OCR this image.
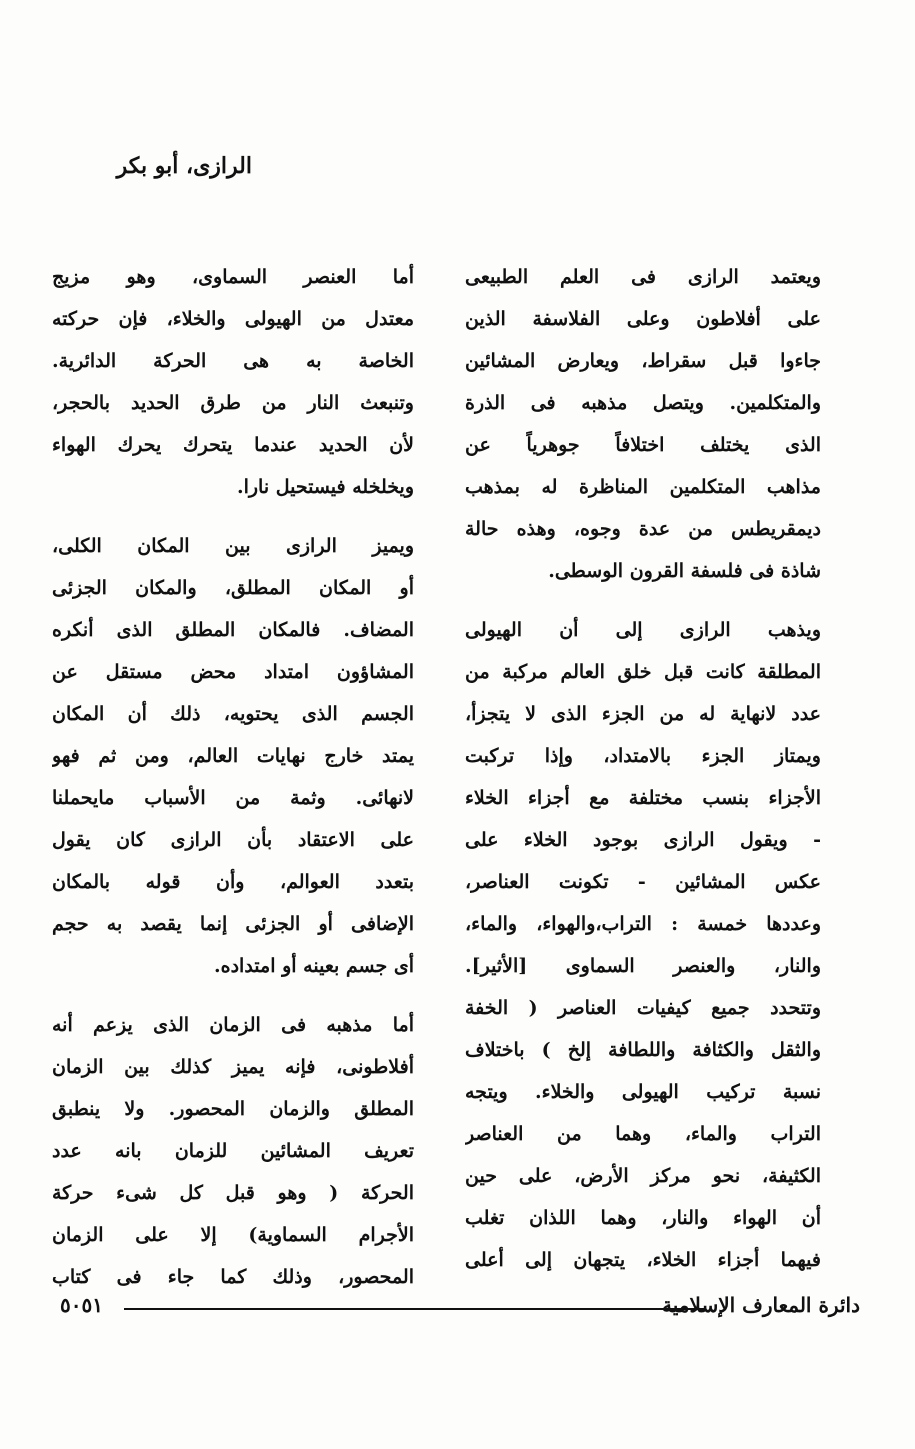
الرازى، أبو بكر
ويعتمد الرازى فى العلم الطبيعى
على أفلاطون وعلى الفلاسفة الذين
جاءوا قبل سقراط، ويعارض المشائين
والمتكلمين. ويتصل مذهبه فى الذرة
الذى يختلف اختلافاً جوهرياً عن
مذاهب المتكلمين المناظرة له بمذهب
ديمقريطس من عدة وجوه، وهذه حالة
شاذة فى فلسفة القرون الوسطى.
ويذهب الرازى إلى أن الهيولى
المطلقة كانت قبل خلق العالم مركبة من
عدد لانهاية له من الجزء الذى لا يتجزأ،
ويمتاز الجزء بالامتداد، وإذا تركبت
الأجزاء بنسب مختلفة مع أجزاء الخلاء
- ويقول الرازى بوجود الخلاء على
عكس المشائين - تكونت العناصر،
وعددها خمسة : التراب،والهواء، والماء،
والنار، والعنصر السماوى [الأثير].
وتتحدد جميع كيفيات العناصر ( الخفة
والثقل والكثافة واللطافة إلخ ) باختلاف
نسبة تركيب الهيولى والخلاء. ويتجه
التراب والماء، وهما من العناصر
الكثيفة، نحو مركز الأرض، على حين
أن الهواء والنار، وهما اللذان تغلب
فيهما أجزاء الخلاء، يتجهان إلى أعلى
أما العنصر السماوى، وهو مزيج
معتدل من الهيولى والخلاء، فإن حركته
الخاصة به هى الحركة الدائرية.
وتنبعث النار من طرق الحديد بالحجر،
لأن الحديد عندما يتحرك يحرك الهواء
ويخلخله فيستحيل نارا.
ويميز الرازى بين المكان الكلى،
أو المكان المطلق، والمكان الجزئى
المضاف. فالمكان المطلق الذى أنكره
المشاؤون امتداد محض مستقل عن
الجسم الذى يحتويه، ذلك أن المكان
يمتد خارج نهايات العالم، ومن ثم فهو
لانهائى. وثمة من الأسباب مايحملنا
على الاعتقاد بأن الرازى كان يقول
بتعدد العوالم، وأن قوله بالمكان
الإضافى أو الجزئى إنما يقصد به حجم
أى جسم بعينه أو امتداده.
أما مذهبه فى الزمان الذى يزعم أنه
أفلاطونى، فإنه يميز كذلك بين الزمان
المطلق والزمان المحصور. ولا ينطبق
تعريف المشائين للزمان بانه عدد
الحركة ( وهو قبل كل شىء حركة
الأجرام السماوية) إلا على الزمان
المحصور، وذلك كما جاء فى كتاب
دائرة المعارف الإسلامية
٥٠٥١
